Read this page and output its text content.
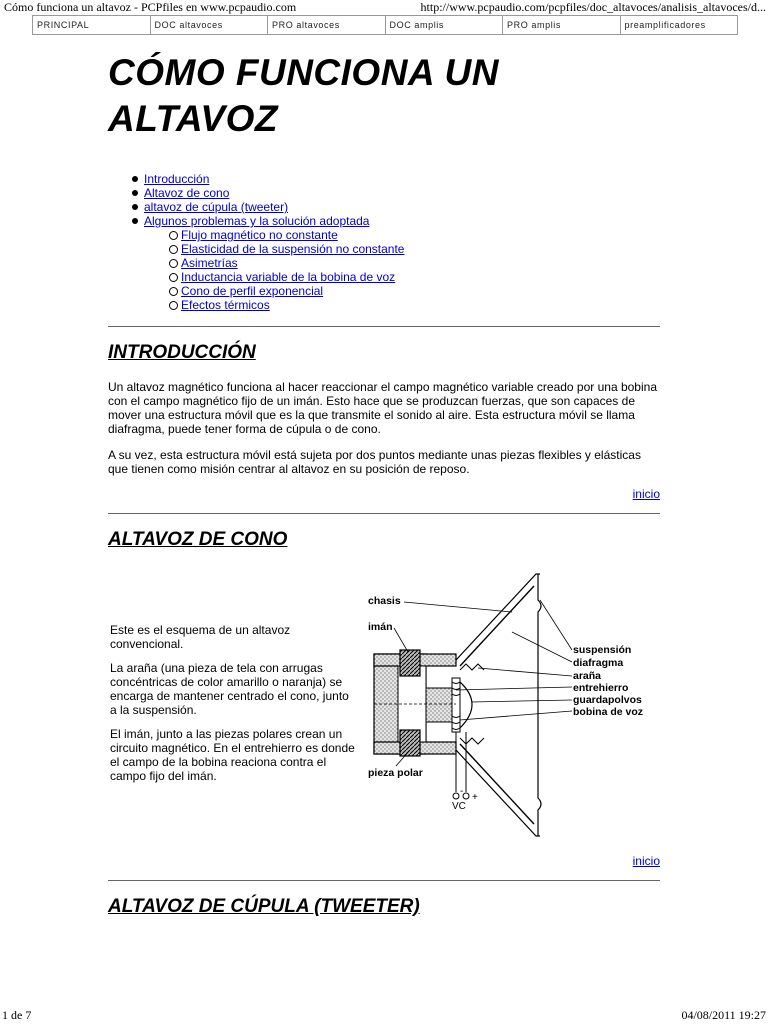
Cómo funciona un altavoz - PCPfiles en www.pcpaudio.com	http://www.pcpaudio.com/pcpfiles/doc_altavoces/analisis_altavoces/d...
PRINCIPAL	DOC altavoces	PRO altavoces	DOC amplis	PRO amplis	preamplificadores
CÓMO FUNCIONA UN ALTAVOZ
Introducción
Altavoz de cono
altavoz de cúpula (tweeter)
Algunos problemas y la solución adoptada
Flujo magnético no constante
Elasticidad de la suspensión no constante
Asimetrías
Inductancia variable de la bobina de voz
Cono de perfil exponencial
Efectos térmicos
INTRODUCCIÓN

Un altavoz magnético funciona al hacer reaccionar el campo magnético variable creado por una bobina con el campo magnético fijo de un imán. Esto hace que se produzcan fuerzas, que son capaces de mover una estructura móvil que es la que transmite el sonido al aire. Esta estructura móvil se llama diafragma, puede tener forma de cúpula o de cono.

A su vez, esta estructura móvil está sujeta por dos puntos mediante unas piezas flexibles y elásticas que tienen como misión centrar al altavoz en su posición de reposo.

inicio
ALTAVOZ DE CONO

Este es el esquema de un altavoz convencional.

La araña (una pieza de tela con arrugas concéntricas de color amarillo o naranja) se encarga de mantener centrado el cono, junto a la suspensión.

El imán, junto a las piezas polares crean un circuito magnético. En el entrehierro es donde el campo de la bobina reaciona contra el campo fijo del imán.

chasis
imán
suspensión
diafragma
araña
entrehierro
guardapolvos
bobina de voz
pieza polar
VC
-
+
inicio
ALTAVOZ DE CÚPULA (TWEETER)
1 de 7	04/08/2011 19:27
